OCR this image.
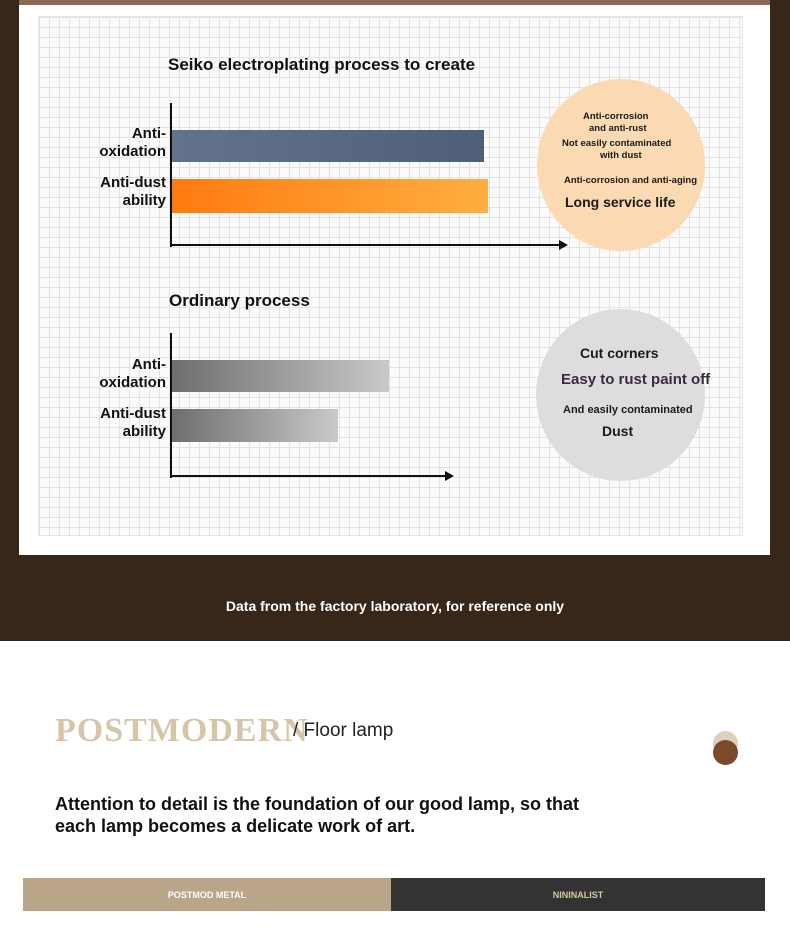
Seiko electroplating process to create
Anti-
oxidation
Anti-dust
ability
Anti-corrosion
and anti-rust
Not easily contaminated
with dust
Anti-corrosion and anti-aging
Long service life
Ordinary process
Anti-
oxidation
Anti-dust
ability
Cut corners
Easy to rust paint off
And easily contaminated
Dust
Data from the factory laboratory, for reference only
POSTMODERN
/ Floor lamp
Attention to detail is the foundation of our good lamp, so that each lamp becomes a delicate work of art.
POSTMOD METAL	NININALIST
